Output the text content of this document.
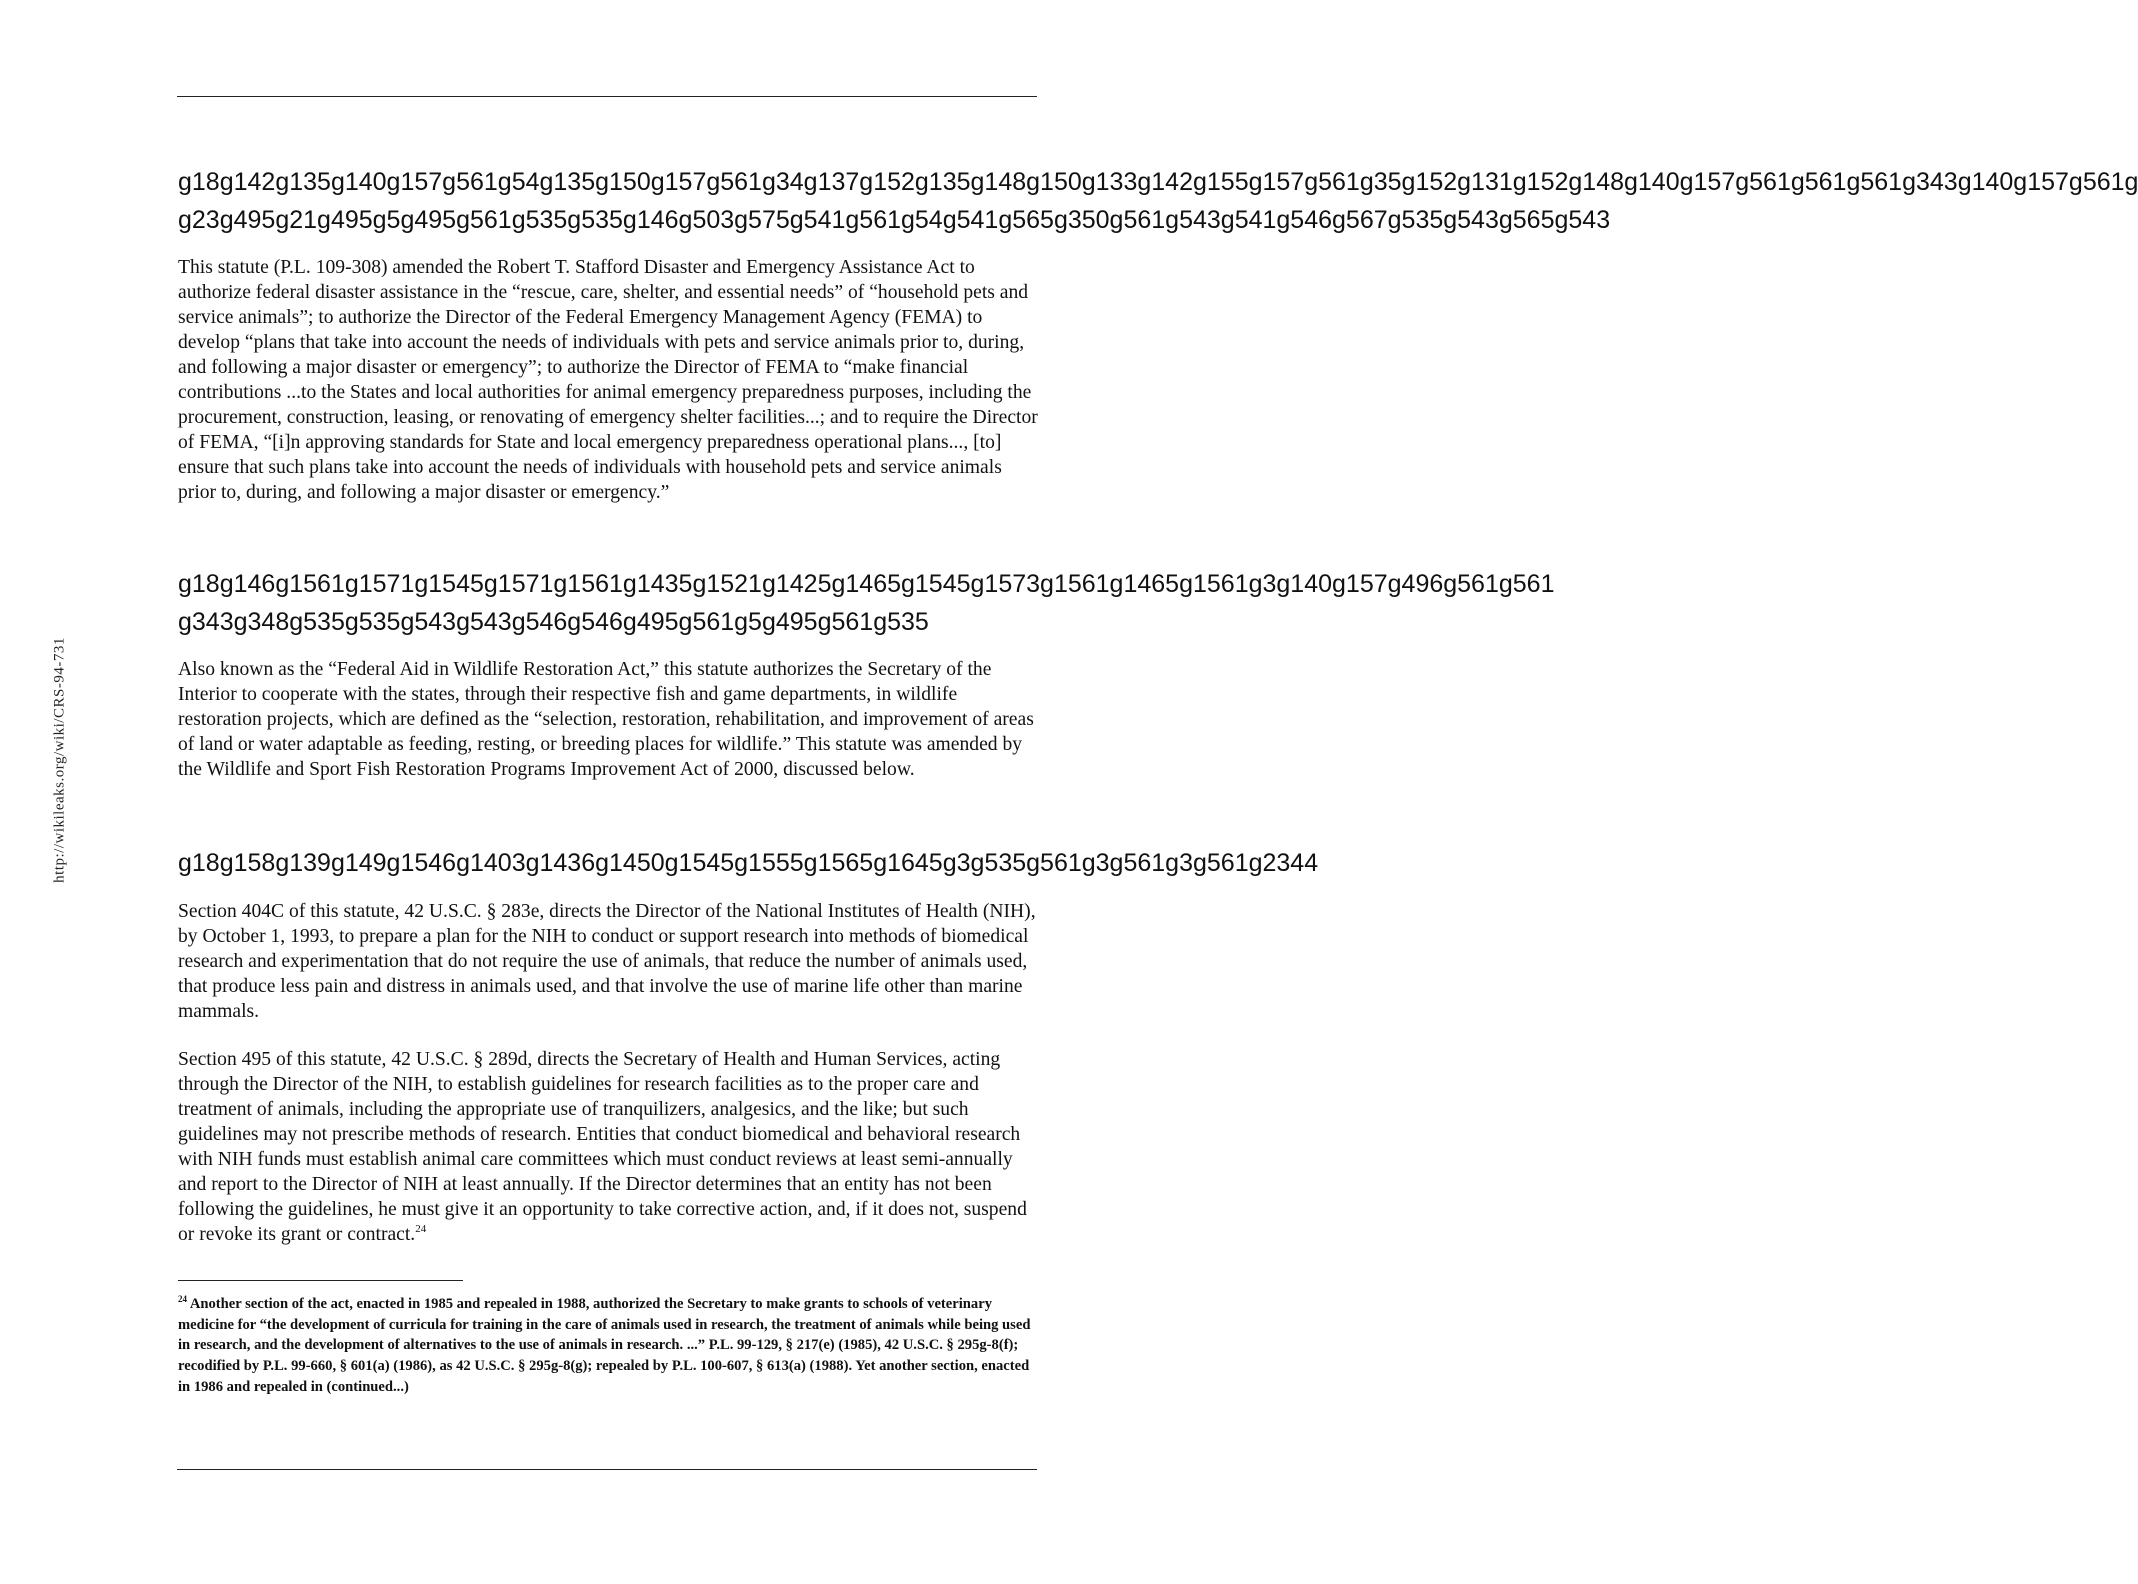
http://wikileaks.org/wiki/CRS-94-731
g18g142g135g140g157g561g54g135g150g157g561g34g137g152g135g148g150g133g142g155g157g561g35g152g131g152g148g140g157g561g561g561g343g140g157g561g
g23g495g21g495g5g495g561g535g535g146g503g575g541g561g54g541g565g350g561g543g541g546g567g535g543g565g543

This statute (P.L. 109-308) amended the Robert T. Stafford Disaster and Emergency Assistance Act to authorize federal disaster assistance in the “rescue, care, shelter, and essential needs” of “household pets and service animals”; to authorize the Director of the Federal Emergency Management Agency (FEMA) to develop “plans that take into account the needs of individuals with pets and service animals prior to, during, and following a major disaster or emergency”; to authorize the Director of FEMA to “make financial contributions ...to the States and local authorities for animal emergency preparedness purposes, including the procurement, construction, leasing, or renovating of emergency shelter facilities...; and to require the Director of FEMA, “[i]n approving standards for State and local emergency preparedness operational plans..., [to] ensure that such plans take into account the needs of individuals with household pets and service animals prior to, during, and following a major disaster or emergency.”

g18g146g1561g1571g1545g1571g1561g1435g1521g1425g1465g1545g1573g1561g1465g1561g3g140g157g496g561g561
g343g348g535g535g543g543g546g546g495g561g5g495g561g535

Also known as the “Federal Aid in Wildlife Restoration Act,” this statute authorizes the Secretary of the Interior to cooperate with the states, through their respective fish and game departments, in wildlife restoration projects, which are defined as the “selection, restoration, rehabilitation, and improvement of areas of land or water adaptable as feeding, resting, or breeding places for wildlife.” This statute was amended by the Wildlife and Sport Fish Restoration Programs Improvement Act of 2000, discussed below.

g18g158g139g149g1546g1403g1436g1450g1545g1555g1565g1645g3g535g561g3g561g3g561g2344

Section 404C of this statute, 42 U.S.C. § 283e, directs the Director of the National Institutes of Health (NIH), by October 1, 1993, to prepare a plan for the NIH to conduct or support research into methods of biomedical research and experimentation that do not require the use of animals, that reduce the number of animals used, that produce less pain and distress in animals used, and that involve the use of marine life other than marine mammals.

Section 495 of this statute, 42 U.S.C. § 289d, directs the Secretary of Health and Human Services, acting through the Director of the NIH, to establish guidelines for research facilities as to the proper care and treatment of animals, including the appropriate use of tranquilizers, analgesics, and the like; but such guidelines may not prescribe methods of research. Entities that conduct biomedical and behavioral research with NIH funds must establish animal care committees which must conduct reviews at least semi-annually and report to the Director of NIH at least annually. If the Director determines that an entity has not been following the guidelines, he must give it an opportunity to take corrective action, and, if it does not, suspend or revoke its grant or contract.$^{24}$

$^{24}$ Another section of the act, enacted in 1985 and repealed in 1988, authorized the Secretary to make grants to schools of veterinary medicine for “the development of curricula for training in the care of animals used in research, the treatment of animals while being used in research, and the development of alternatives to the use of animals in research. ...” P.L. 99-129, § 217(e) (1985), 42 U.S.C. § 295g-8(f); recodified by P.L. 99-660, § 601(a) (1986), as 42 U.S.C. § 295g-8(g); repealed by P.L. 100-607, § 613(a) (1988). Yet another section, enacted in 1986 and repealed in (continued...)
